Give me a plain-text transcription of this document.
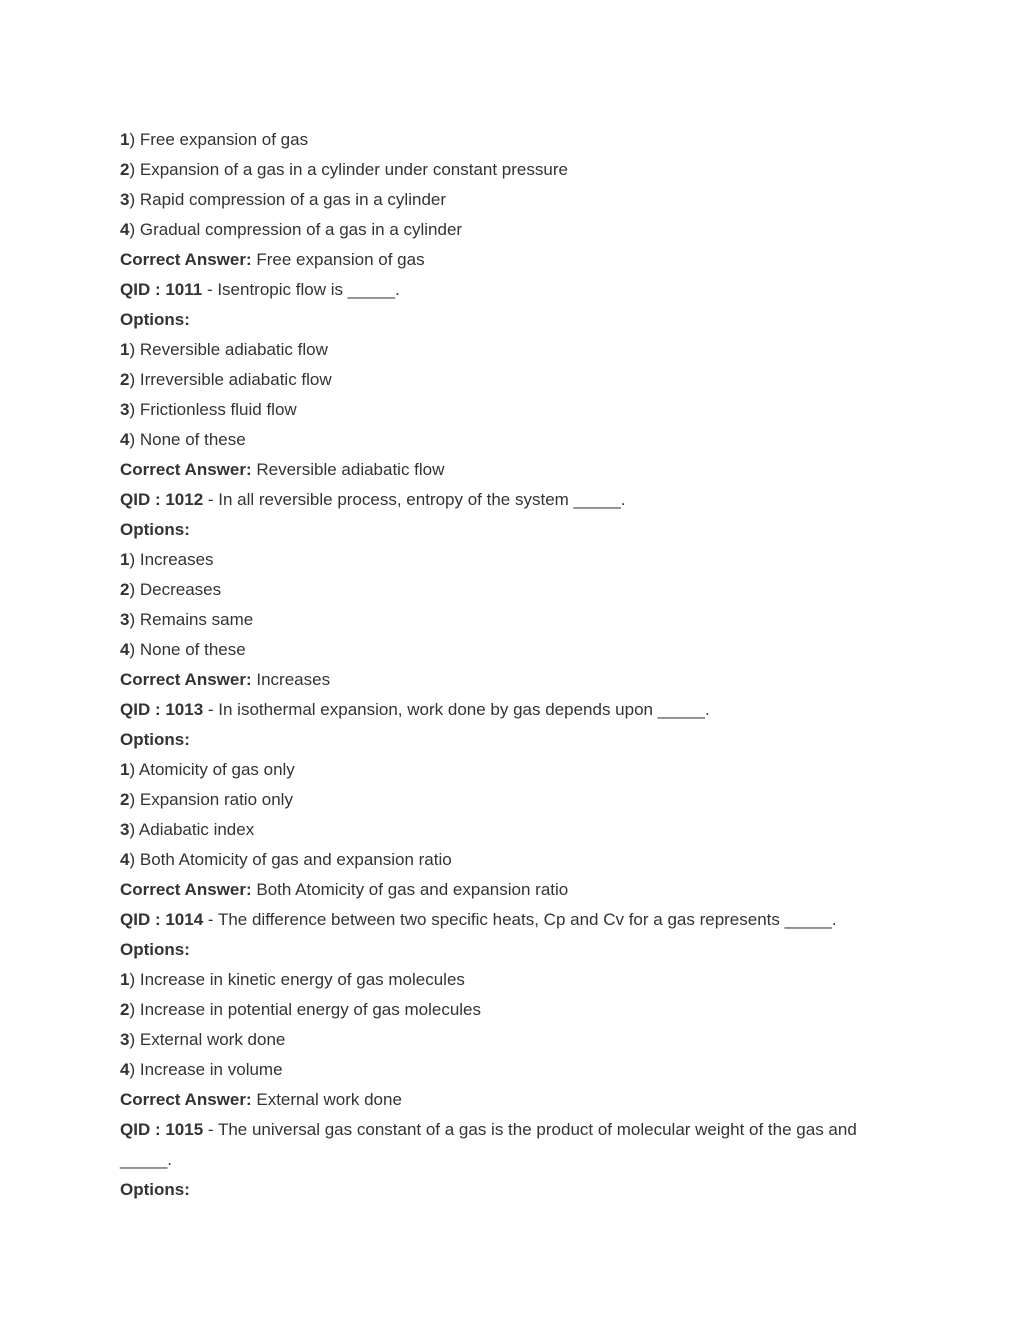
1) Free expansion of gas
2) Expansion of a gas in a cylinder under constant pressure
3) Rapid compression of a gas in a cylinder
4) Gradual compression of a gas in a cylinder
Correct Answer: Free expansion of gas
QID : 1011 - Isentropic flow is _____.
Options:
1) Reversible adiabatic flow
2) Irreversible adiabatic flow
3) Frictionless fluid flow
4) None of these
Correct Answer: Reversible adiabatic flow
QID : 1012 - In all reversible process, entropy of the system _____.
Options:
1) Increases
2) Decreases
3) Remains same
4) None of these
Correct Answer: Increases
QID : 1013 - In isothermal expansion, work done by gas depends upon _____.
Options:
1) Atomicity of gas only
2) Expansion ratio only
3) Adiabatic index
4) Both Atomicity of gas and expansion ratio
Correct Answer: Both Atomicity of gas and expansion ratio
QID : 1014 - The difference between two specific heats, Cp and Cv for a gas represents _____.
Options:
1) Increase in kinetic energy of gas molecules
2) Increase in potential energy of gas molecules
3) External work done
4) Increase in volume
Correct Answer: External work done
QID : 1015 - The universal gas constant of a gas is the product of molecular weight of the gas and _____.
Options:
